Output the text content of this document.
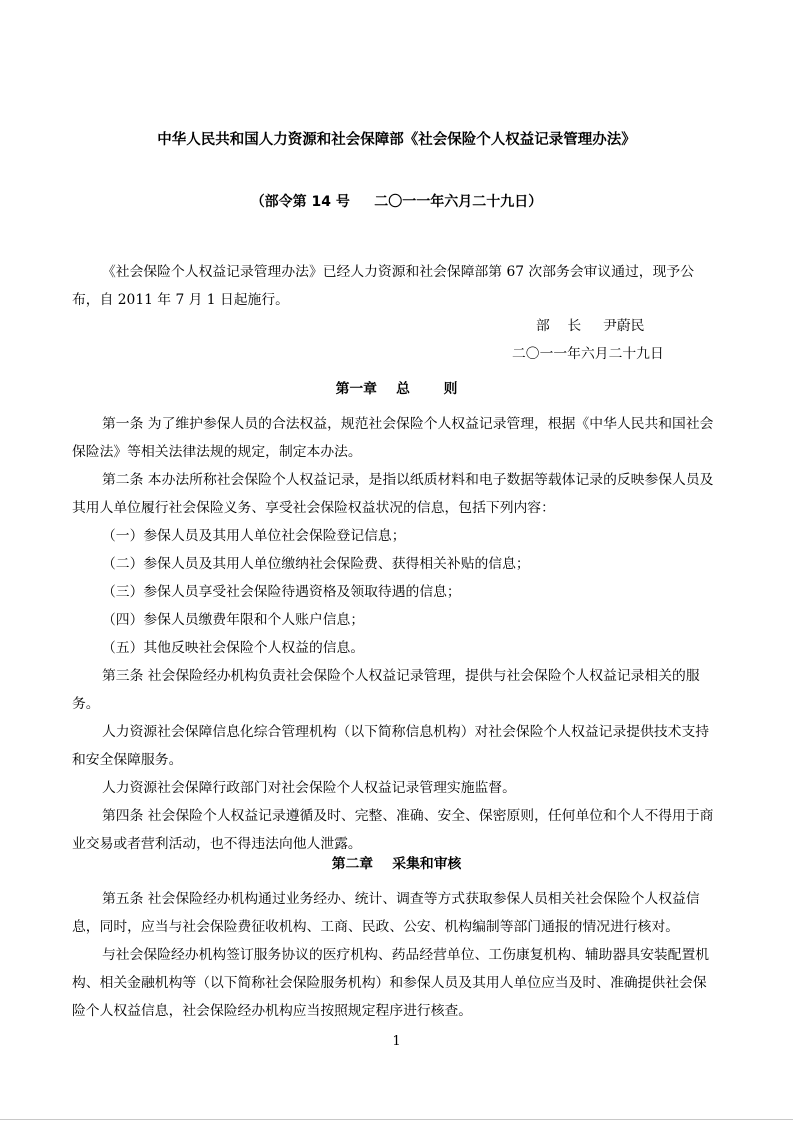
中华人民共和国人力资源和社会保障部《社会保险个人权益记录管理办法》
（部令第 14 号     二〇一一年六月二十九日）
《社会保险个人权益记录管理办法》已经人力资源和社会保障部第 67 次部务会审议通过，现予公布，自 2011 年 7 月 1 日起施行。
部    长     尹蔚民
二〇一一年六月二十九日
第一章    总       则
第一条 为了维护参保人员的合法权益，规范社会保险个人权益记录管理，根据《中华人民共和国社会保险法》等相关法律法规的规定，制定本办法。
第二条 本办法所称社会保险个人权益记录，是指以纸质材料和电子数据等载体记录的反映参保人员及其用人单位履行社会保险义务、享受社会保险权益状况的信息，包括下列内容：
（一）参保人员及其用人单位社会保险登记信息；
（二）参保人员及其用人单位缴纳社会保险费、获得相关补贴的信息；
（三）参保人员享受社会保险待遇资格及领取待遇的信息；
（四）参保人员缴费年限和个人账户信息；
（五）其他反映社会保险个人权益的信息。
第三条 社会保险经办机构负责社会保险个人权益记录管理，提供与社会保险个人权益记录相关的服务。
人力资源社会保障信息化综合管理机构（以下简称信息机构）对社会保险个人权益记录提供技术支持和安全保障服务。
人力资源社会保障行政部门对社会保险个人权益记录管理实施监督。
第四条 社会保险个人权益记录遵循及时、完整、准确、安全、保密原则，任何单位和个人不得用于商业交易或者营利活动，也不得违法向他人泄露。
第二章    采集和审核
第五条 社会保险经办机构通过业务经办、统计、调查等方式获取参保人员相关社会保险个人权益信息，同时，应当与社会保险费征收机构、工商、民政、公安、机构编制等部门通报的情况进行核对。
与社会保险经办机构签订服务协议的医疗机构、药品经营单位、工伤康复机构、辅助器具安装配置机构、相关金融机构等（以下简称社会保险服务机构）和参保人员及其用人单位应当及时、准确提供社会保险个人权益信息，社会保险经办机构应当按照规定程序进行核查。
1
